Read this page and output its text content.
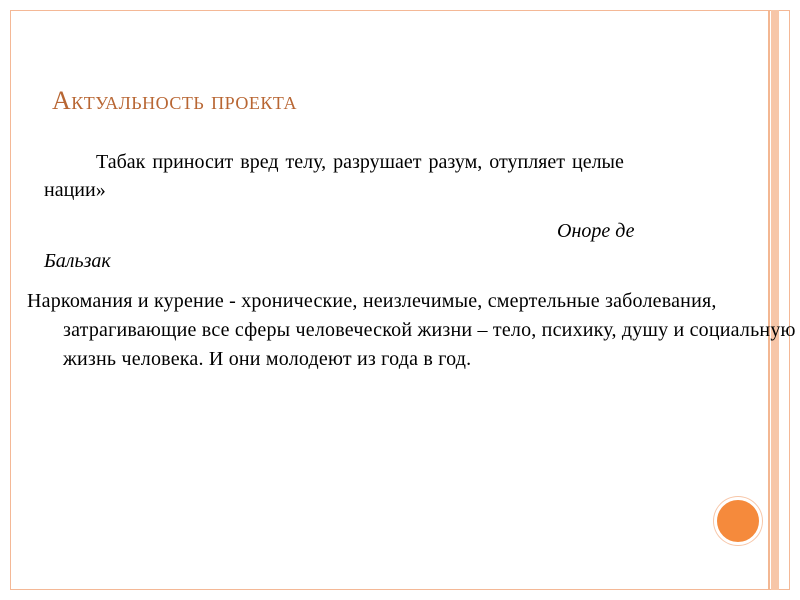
Актуальность проекта

Табак приносит вред телу, разрушает разум, отупляет целые нации»

Оноре де

Бальзак

Наркомания и курение - хронические, неизлечимые, смертельные заболевания, затрагивающие все сферы человеческой жизни – тело, психику, душу и социальную жизнь человека. И они молодеют из года в год.
